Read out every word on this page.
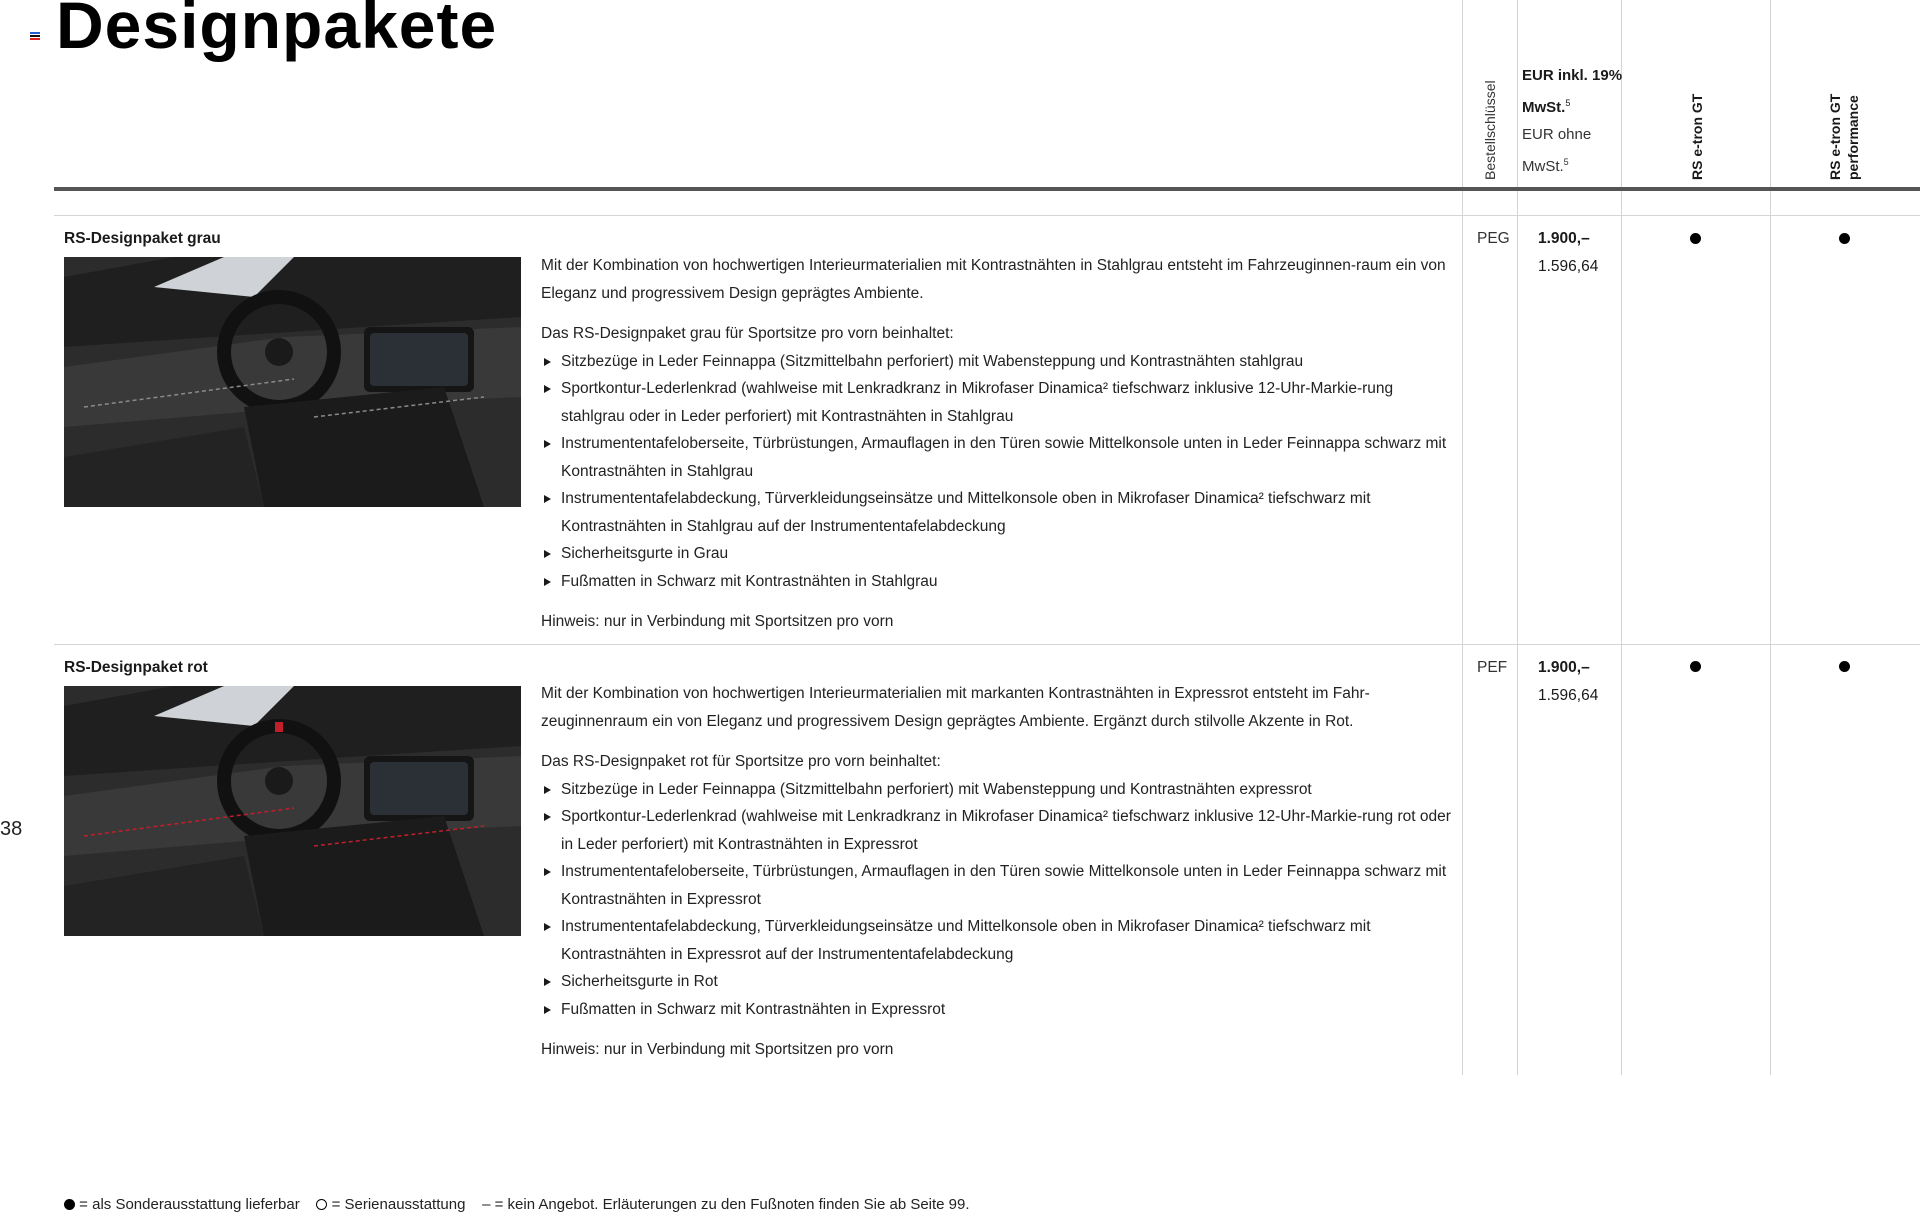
Designpakete
Bestellschlüssel
EUR inkl. 19% MwSt.$^5$
EUR ohne MwSt.$^5$	RS e-tron GT	RS e-tron GT performance
RS-Designpaket grau

Mit der Kombination von hochwertigen Interieurmaterialien mit Kontrastnähten in Stahlgrau entsteht im Fahrzeuginnen-raum ein von Eleganz und progressivem Design geprägtes Ambiente.

Das RS-Designpaket grau für Sportsitze pro vorn beinhaltet:
Sitzbezüge in Leder Feinnappa (Sitzmittelbahn perforiert) mit Wabensteppung und Kontrastnähten stahlgrau
Sportkontur-Lederlenkrad (wahlweise mit Lenkradkranz in Mikrofaser Dinamica² tiefschwarz inklusive 12-Uhr-Markie-rung stahlgrau oder in Leder perforiert) mit Kontrastnähten in Stahlgrau
Instrumententafeloberseite, Türbrüstungen, Armauflagen in den Türen sowie Mittelkonsole unten in Leder Feinnappa schwarz mit Kontrastnähten in Stahlgrau
Instrumententafelabdeckung, Türverkleidungseinsätze und Mittelkonsole oben in Mikrofaser Dinamica² tiefschwarz mit Kontrastnähten in Stahlgrau auf der Instrumententafelabdeckung
Sicherheitsgurte in Grau
Fußmatten in Schwarz mit Kontrastnähten in Stahlgrau
Hinweis: nur in Verbindung mit Sportsitzen pro vorn
PEG 1.900,–
1.596,64
RS-Designpaket rot

Mit der Kombination von hochwertigen Interieurmaterialien mit markanten Kontrastnähten in Expressrot entsteht im Fahr-zeuginnenraum ein von Eleganz und progressivem Design geprägtes Ambiente. Ergänzt durch stilvolle Akzente in Rot.

Das RS-Designpaket rot für Sportsitze pro vorn beinhaltet:
Sitzbezüge in Leder Feinnappa (Sitzmittelbahn perforiert) mit Wabensteppung und Kontrastnähten expressrot
Sportkontur-Lederlenkrad (wahlweise mit Lenkradkranz in Mikrofaser Dinamica² tiefschwarz inklusive 12-Uhr-Markie-rung rot oder in Leder perforiert) mit Kontrastnähten in Expressrot
Instrumententafeloberseite, Türbrüstungen, Armauflagen in den Türen sowie Mittelkonsole unten in Leder Feinnappa schwarz mit Kontrastnähten in Expressrot
Instrumententafelabdeckung, Türverkleidungseinsätze und Mittelkonsole oben in Mikrofaser Dinamica² tiefschwarz mit Kontrastnähten in Expressrot auf der Instrumententafelabdeckung
Sicherheitsgurte in Rot
Fußmatten in Schwarz mit Kontrastnähten in Expressrot
Hinweis: nur in Verbindung mit Sportsitzen pro vorn
PEF 1.900,–
1.596,64
38
= als Sonderausstattung lieferbar = Serienausstattung – = kein Angebot. Erläuterungen zu den Fußnoten finden Sie ab Seite 99.
